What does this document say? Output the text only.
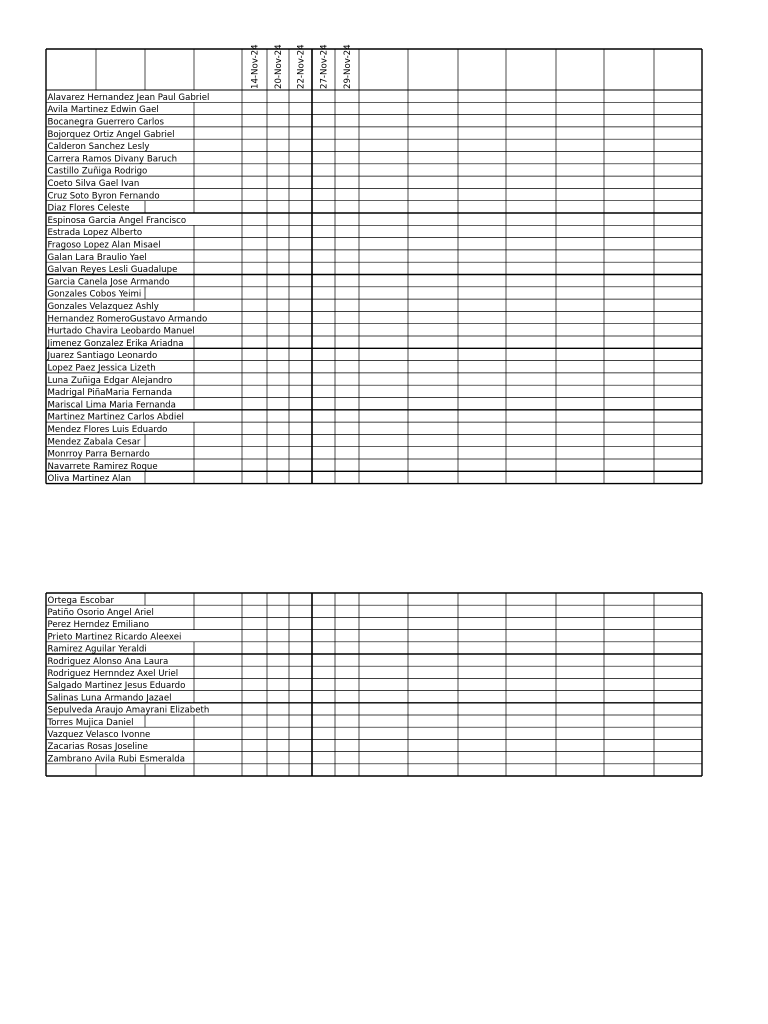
14-Nov-24 20-Nov-24 22-Nov-24 27-Nov-24 29-Nov-24
Alavarez Hernandez Jean Paul Gabriel
Avila Martinez Edwin Gael
Bocanegra Guerrero Carlos
Bojorquez Ortiz Angel Gabriel
Calderon Sanchez Lesly
Carrera Ramos Divany Baruch
Castillo Zuñiga Rodrigo
Coeto Silva Gael Ivan
Cruz Soto Byron Fernando
Diaz Flores Celeste
Espinosa Garcia Angel Francisco
Estrada Lopez Alberto
Fragoso Lopez Alan Misael
Galan Lara Braulio Yael
Galvan Reyes Lesli Guadalupe
Garcia Canela Jose Armando
Gonzales Cobos Yeimi
Gonzales Velazquez Ashly
Hernandez RomeroGustavo Armando
Hurtado Chavira Leobardo Manuel
Jimenez Gonzalez Erika Ariadna
Juarez Santiago Leonardo
Lopez Paez Jessica Lizeth
Luna Zuñiga Edgar Alejandro
Madrigal PiñaMaria Fernanda
Mariscal Lima Maria Fernanda
Martinez Martinez Carlos Abdiel
Mendez Flores Luis Eduardo
Mendez Zabala Cesar
Monrroy Parra Bernardo
Navarrete Ramirez Roque
Oliva Martinez Alan
Ortega Escobar
Patiño Osorio Angel Ariel
Perez Herndez Emiliano
Prieto Martinez Ricardo Aleexei
Ramirez Aguilar Yeraldi
Rodriguez Alonso Ana Laura
Rodriguez Hernndez Axel Uriel
Salgado Martinez Jesus Eduardo
Salinas Luna Armando Jazael
Sepulveda Araujo Amayrani Elizabeth
Torres Mujica Daniel
Vazquez Velasco Ivonne
Zacarias Rosas Joseline
Zambrano Avila Rubi Esmeralda
